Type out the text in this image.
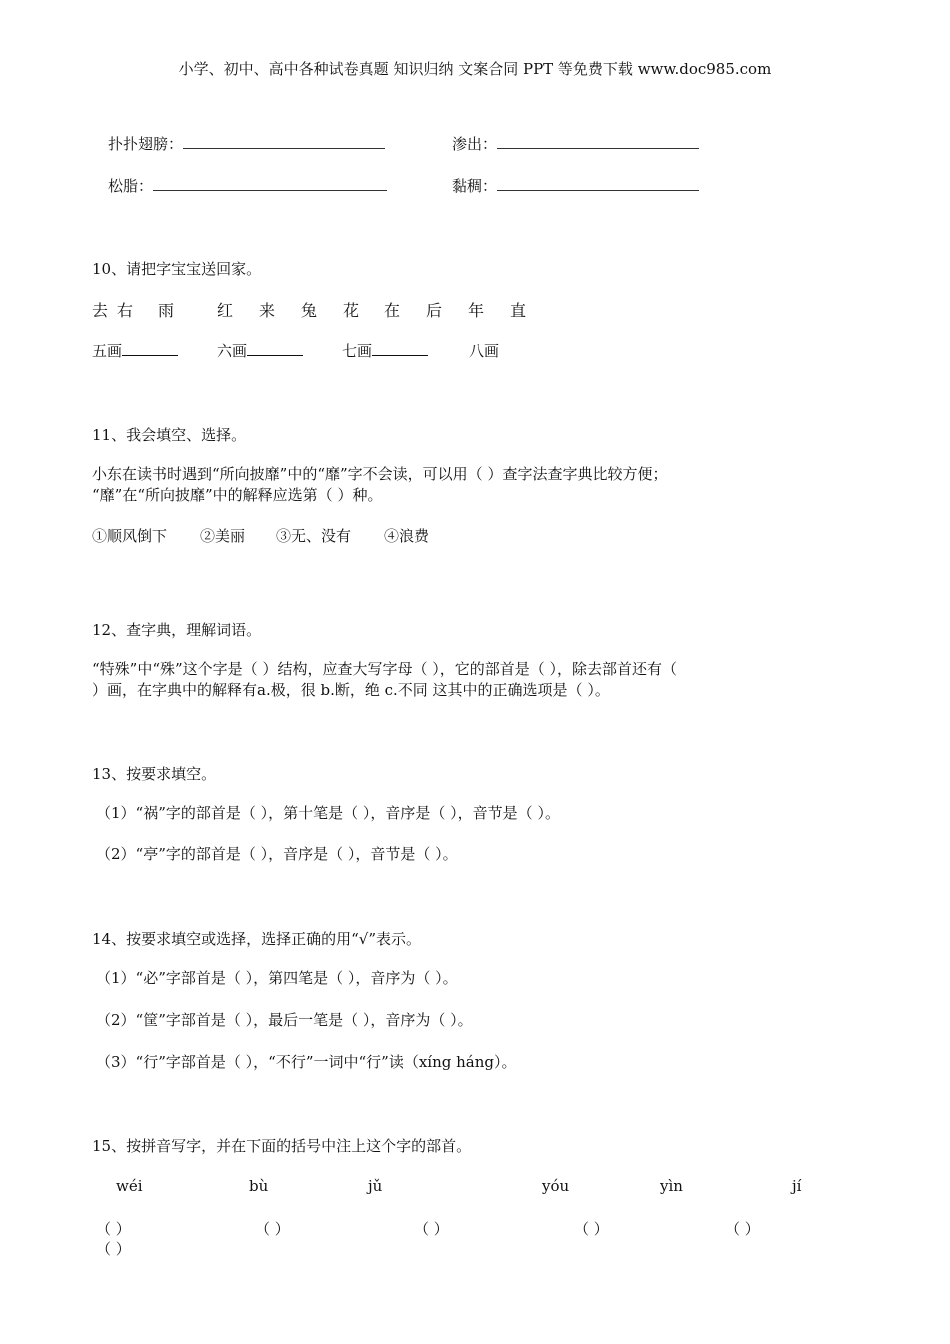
小学、初中、高中各种试卷真题 知识归纳 文案合同 PPT 等免费下载 www.doc985.com
扑扑翅膀：	渗出：
松脂：	黏稠：
10、请把字宝宝送回家。
去 右 雨	红 来 兔 花 在 后 年 直
五画	六画	七画	八画
11、我会填空、选择。
小东在读书时遇到“所向披靡”中的“靡”字不会读，可以用（ ）查字法查字典比较方便；
“靡”在“所向披靡”中的解释应选第（ ）种。
①顺风倒下 ②美丽 ③无、没有 ④浪费
12、查字典，理解词语。
“特殊”中“殊”这个字是（ ）结构，应查大写字母（ ），它的部首是（ ），除去部首还有（
）画，在字典中的解释有a.极，很 b.断，绝 c.不同 这其中的正确选项是（ ）。
13、按要求填空。
（1）“祸”字的部首是（ ），第十笔是（ ），音序是（ ），音节是（ ）。
（2）“亭”字的部首是（ ），音序是（ ），音节是（ ）。
14、按要求填空或选择，选择正确的用“√”表示。
（1）“必”字部首是（ ），第四笔是（ ），音序为（ ）。
（2）“筐”字部首是（ ），最后一笔是（ ），音序为（ ）。
（3）“行”字部首是（ ），“不行”一词中“行”读（xíng háng）。
15、按拼音写字，并在下面的括号中注上这个字的部首。
wéi	bù	jǔ	yóu	yìn	jí
（ ）	（ ）	（ ）	（ ）	（ ）
（ ）
